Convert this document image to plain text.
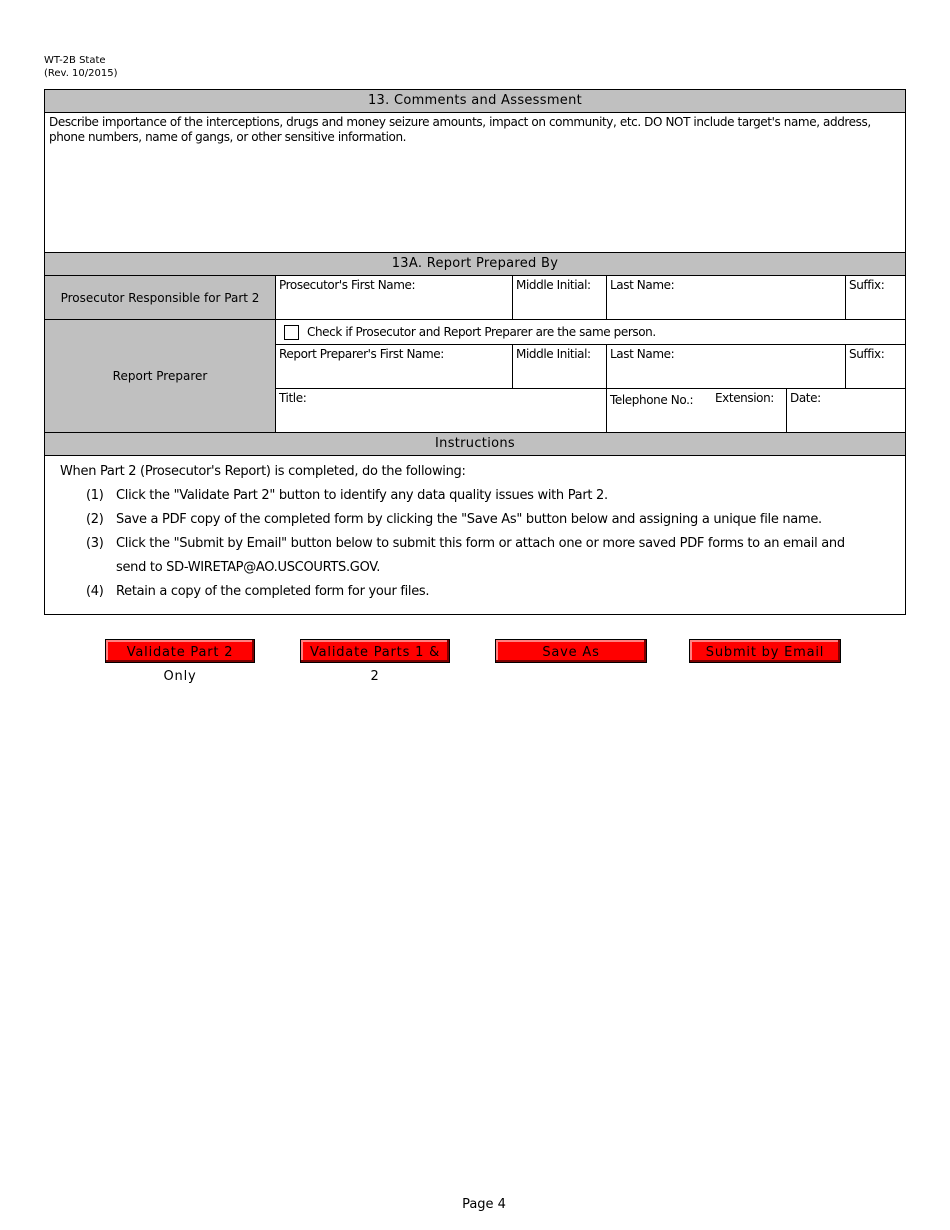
WT-2B State
(Rev. 10/2015)
13. Comments and Assessment
Describe importance of the interceptions, drugs and money seizure amounts, impact on community, etc. DO NOT include target's name, address, phone numbers, name of gangs, or other sensitive information.
13A. Report Prepared By
Prosecutor Responsible for Part 2
Prosecutor's First Name:	Middle Initial:	Last Name:	Suffix:
Report Preparer
Check if Prosecutor and Report Preparer are the same person.
Report Preparer's First Name:	Middle Initial:	Last Name:	Suffix:
Title:	Telephone No.: Extension: Date:
Instructions
When Part 2 (Prosecutor's Report) is completed, do the following:
(1) Click the "Validate Part 2" button to identify any data quality issues with Part 2.
(2) Save a PDF copy of the completed form by clicking the "Save As" button below and assigning a unique file name.
(3) Click the "Submit by Email" button below to submit this form or attach one or more saved PDF forms to an email and send to SD-WIRETAP@AO.USCOURTS.GOV.
(4) Retain a copy of the completed form for your files.
Validate Part 2 Only
Validate Parts 1 & 2
Save As	Submit by Email
Page 4
